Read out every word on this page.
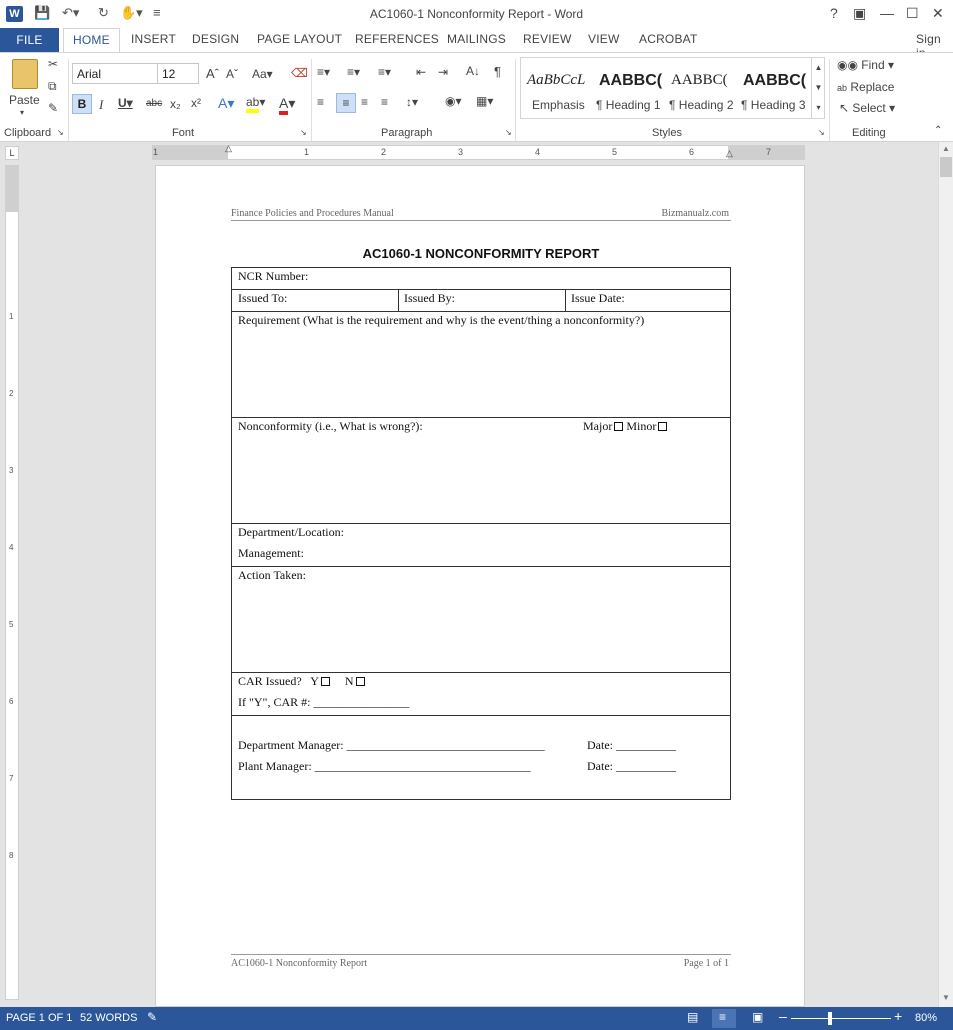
W 💾 ↶▾ ↻ ✋▾ ≡	AC1060-1 Nonconformity Report - Word	? ▣ — ☐ ✕
FILE	HOME	INSERT DESIGN PAGE LAYOUT REFERENCES MAILINGS REVIEW VIEW ACROBAT	Sign
Paste
▾
✂
⧉
✎
Clipboard ↘
Arial	12	Aˆ Aˇ Aa▾ ⌫
B I U▾ abc x₂ x² A▾ ab▾ A▾
Font	↘
≡▾ ≡▾ ≡▾ ⇤ ⇥ A↓ ¶
≡	≡ ≡ ≡ ↕▾ ◉▾ ▦▾
Paragraph	↘
AaBbCcL AABBC( AABBC( AABBC(
Emphasis ¶ Heading 1 ¶ Heading 2 ¶ Heading 3
▲
▼
▾
Styles	↘
◉◉ Find ▾
ab Replace
↖ Select ▾
Editing	⌃
L	△	△
1	1	2	3	4	5	6	7
1
2
3
4
5
6
7
8
▲
▼
Finance Policies and Procedures Manual	Bizmanualz.com
AC1060-1 NONCONFORMITY REPORT
NCR Number:
Issued To:	Issued By:	Issue Date:
Requirement (What is the requirement and why is the event/thing a nonconformity?)
Nonconformity (i.e., What is wrong?):	Major Minor
Department/Location:
Management:
Action Taken:
CAR Issued? Y N
If "Y", CAR #: ________________
Department Manager: _________________________________	Date: __________
Plant Manager: ____________________________________	Date: __________
AC1060-1 Nonconformity Report	Page 1 of 1
PAGE 1 OF 1 52 WORDS ✎	▤ ≡ ▣ –	+ 80%
